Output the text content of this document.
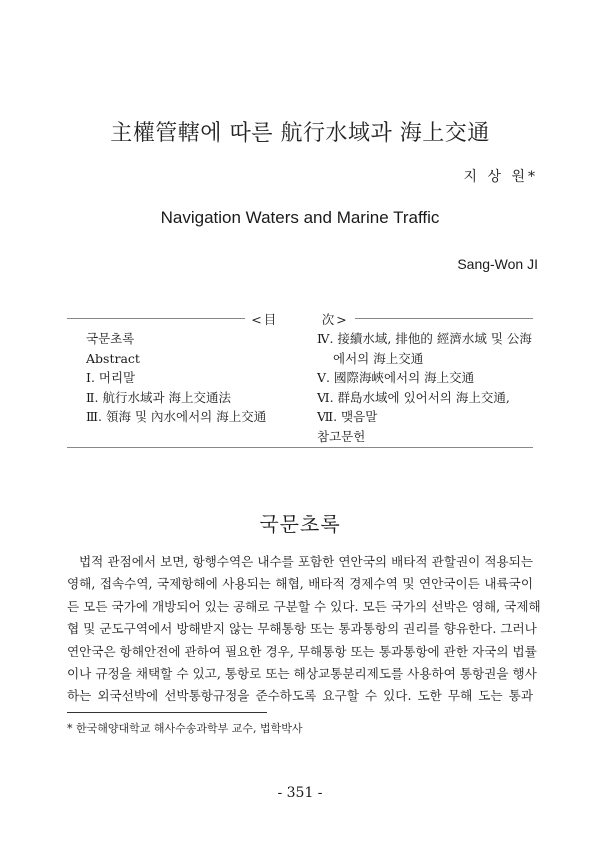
主權管轄에 따른 航行水域과 海上交通
지 상 원*
Navigation Waters and Marine Traffic
Sang-Won JI
<目　　　次>
국문초록
Abstract
Ⅰ. 머리말
Ⅱ. 航行水域과 海上交通法
Ⅲ. 領海 및 內水에서의 海上交通
Ⅳ. 接續水域, 排他的 經濟水域 및 公海
에서의 海上交通
Ⅴ. 國際海峽에서의 海上交通
Ⅵ. 群島水域에 있어서의 海上交通,
Ⅶ. 맺음말
참고문헌
국문초록
법적 관점에서 보면, 항행수역은 내수를 포함한 연안국의 배타적 관할권이 적용되는
영해, 접속수역, 국제항해에 사용되는 해협, 배타적 경제수역 및 연안국이든 내륙국이
든 모든 국가에 개방되어 있는 공해로 구분할 수 있다. 모든 국가의 선박은 영해, 국제해
협 및 군도구역에서 방해받지 않는 무해통항 또는 통과통항의 권리를 향유한다. 그러나
연안국은 항해안전에 관하여 필요한 경우, 무해통항 또는 통과통항에 관한 자국의 법률
이나 규정을 채택할 수 있고, 통항로 또는 해상교통분리제도를 사용하여 통항권을 행사
하는 외국선박에 선박통항규정을 준수하도록 요구할 수 있다. 도한 무해 도는 통과
* 한국해양대학교 해사수송과학부 교수, 법학박사
- 351 -
